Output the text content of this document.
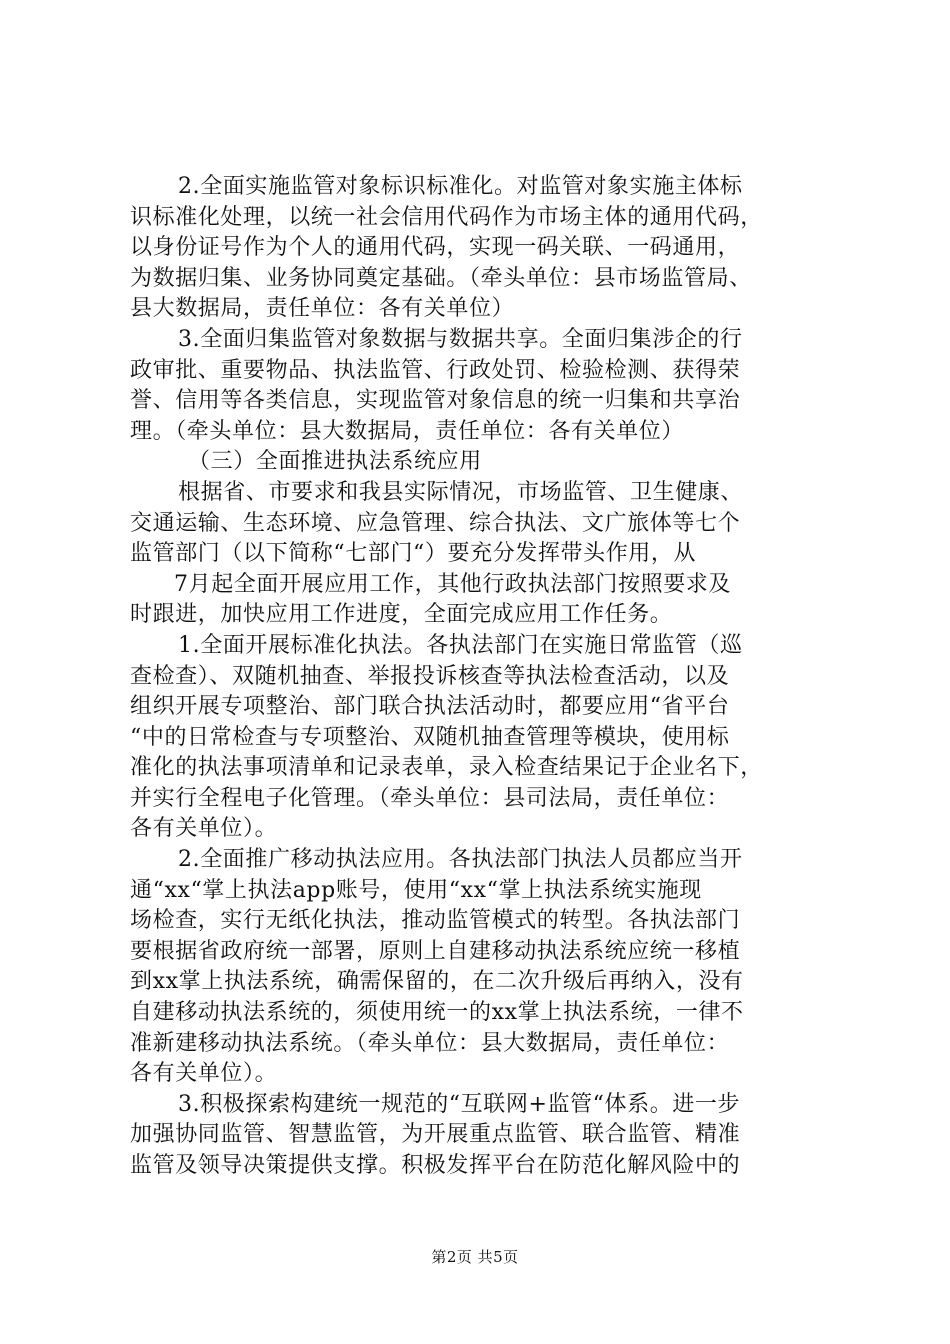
2.全面实施监管对象标识标准化。对监管对象实施主体标
识标准化处理，以统一社会信用代码作为市场主体的通用代码，
以身份证号作为个人的通用代码，实现一码关联、一码通用，
为数据归集、业务协同奠定基础。（牵头单位：县市场监管局、
县大数据局，责任单位：各有关单位）
3.全面归集监管对象数据与数据共享。全面归集涉企的行
政审批、重要物品、执法监管、行政处罚、检验检测、获得荣
誉、信用等各类信息，实现监管对象信息的统一归集和共享治
理。（牵头单位：县大数据局，责任单位：各有关单位）
（三）全面推进执法系统应用
根据省、市要求和我县实际情况，市场监管、卫生健康、
交通运输、生态环境、应急管理、综合执法、文广旅体等七个
监管部门（以下简称“七部门“）要充分发挥带头作用，从
7月起全面开展应用工作，其他行政执法部门按照要求及
时跟进，加快应用工作进度，全面完成应用工作任务。
1.全面开展标准化执法。各执法部门在实施日常监管（巡
查检查）、双随机抽查、举报投诉核查等执法检查活动，以及
组织开展专项整治、部门联合执法活动时，都要应用“省平台
“中的日常检查与专项整治、双随机抽查管理等模块，使用标
准化的执法事项清单和记录表单，录入检查结果记于企业名下，
并实行全程电子化管理。（牵头单位：县司法局，责任单位：
各有关单位）。
2.全面推广移动执法应用。各执法部门执法人员都应当开
通“xx“掌上执法app账号，使用“xx“掌上执法系统实施现
场检查，实行无纸化执法，推动监管模式的转型。各执法部门
要根据省政府统一部署，原则上自建移动执法系统应统一移植
到xx掌上执法系统，确需保留的，在二次升级后再纳入，没有
自建移动执法系统的，须使用统一的xx掌上执法系统，一律不
准新建移动执法系统。（牵头单位：县大数据局，责任单位：
各有关单位）。
3.积极探索构建统一规范的“互联网+监管“体系。进一步
加强协同监管、智慧监管，为开展重点监管、联合监管、精准
监管及领导决策提供支撑。积极发挥平台在防范化解风险中的
第2页 共5页
